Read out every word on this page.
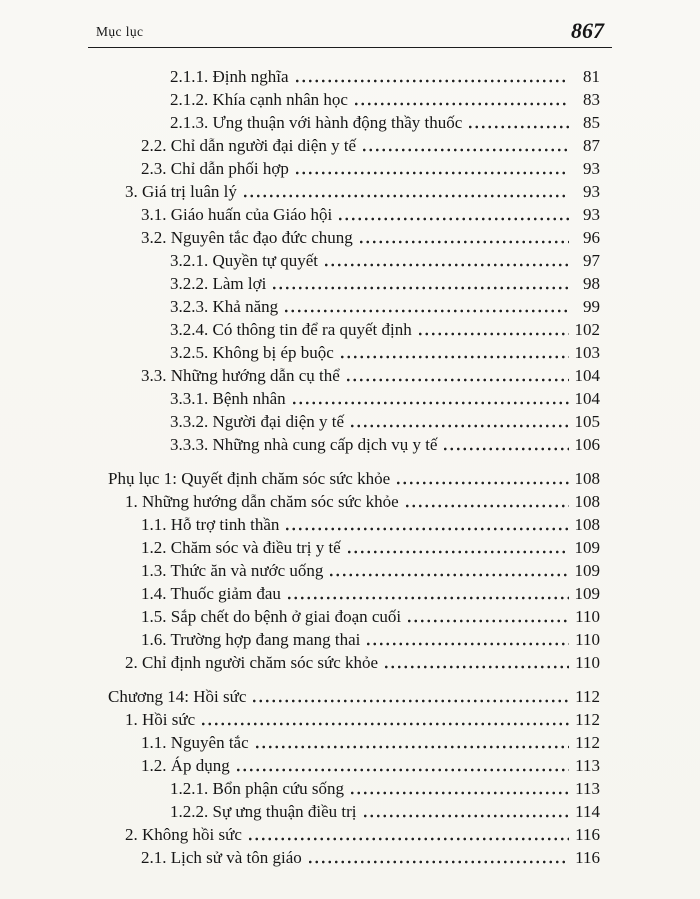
Mục lục	867
2.1.1. Định nghĩa	81
2.1.2. Khía cạnh nhân học	83
2.1.3. Ưng thuận với hành động thầy thuốc	85
2.2. Chỉ dẫn người đại diện y tế	87
2.3. Chỉ dẫn phối hợp	93
3. Giá trị luân lý	93
3.1. Giáo huấn của Giáo hội	93
3.2. Nguyên tắc đạo đức chung	96
3.2.1. Quyền tự quyết	97
3.2.2. Làm lợi	98
3.2.3. Khả năng	99
3.2.4. Có thông tin để ra quyết định	102
3.2.5. Không bị ép buộc	103
3.3. Những hướng dẫn cụ thể	104
3.3.1. Bệnh nhân	104
3.3.2. Người đại diện y tế	105
3.3.3. Những nhà cung cấp dịch vụ y tế	106
Phụ lục 1: Quyết định chăm sóc sức khỏe	108
1. Những hướng dẫn chăm sóc sức khỏe	108
1.1. Hỗ trợ tinh thần	108
1.2. Chăm sóc và điều trị y tế	109
1.3. Thức ăn và nước uống	109
1.4. Thuốc giảm đau	109
1.5. Sắp chết do bệnh ở giai đoạn cuối	110
1.6. Trường hợp đang mang thai	110
2. Chỉ định người chăm sóc sức khỏe	110
Chương 14: Hồi sức	112
1. Hồi sức	112
1.1. Nguyên tắc	112
1.2. Áp dụng	113
1.2.1. Bổn phận cứu sống	113
1.2.2. Sự ưng thuận điều trị	114
2. Không hồi sức	116
2.1. Lịch sử và tôn giáo	116
